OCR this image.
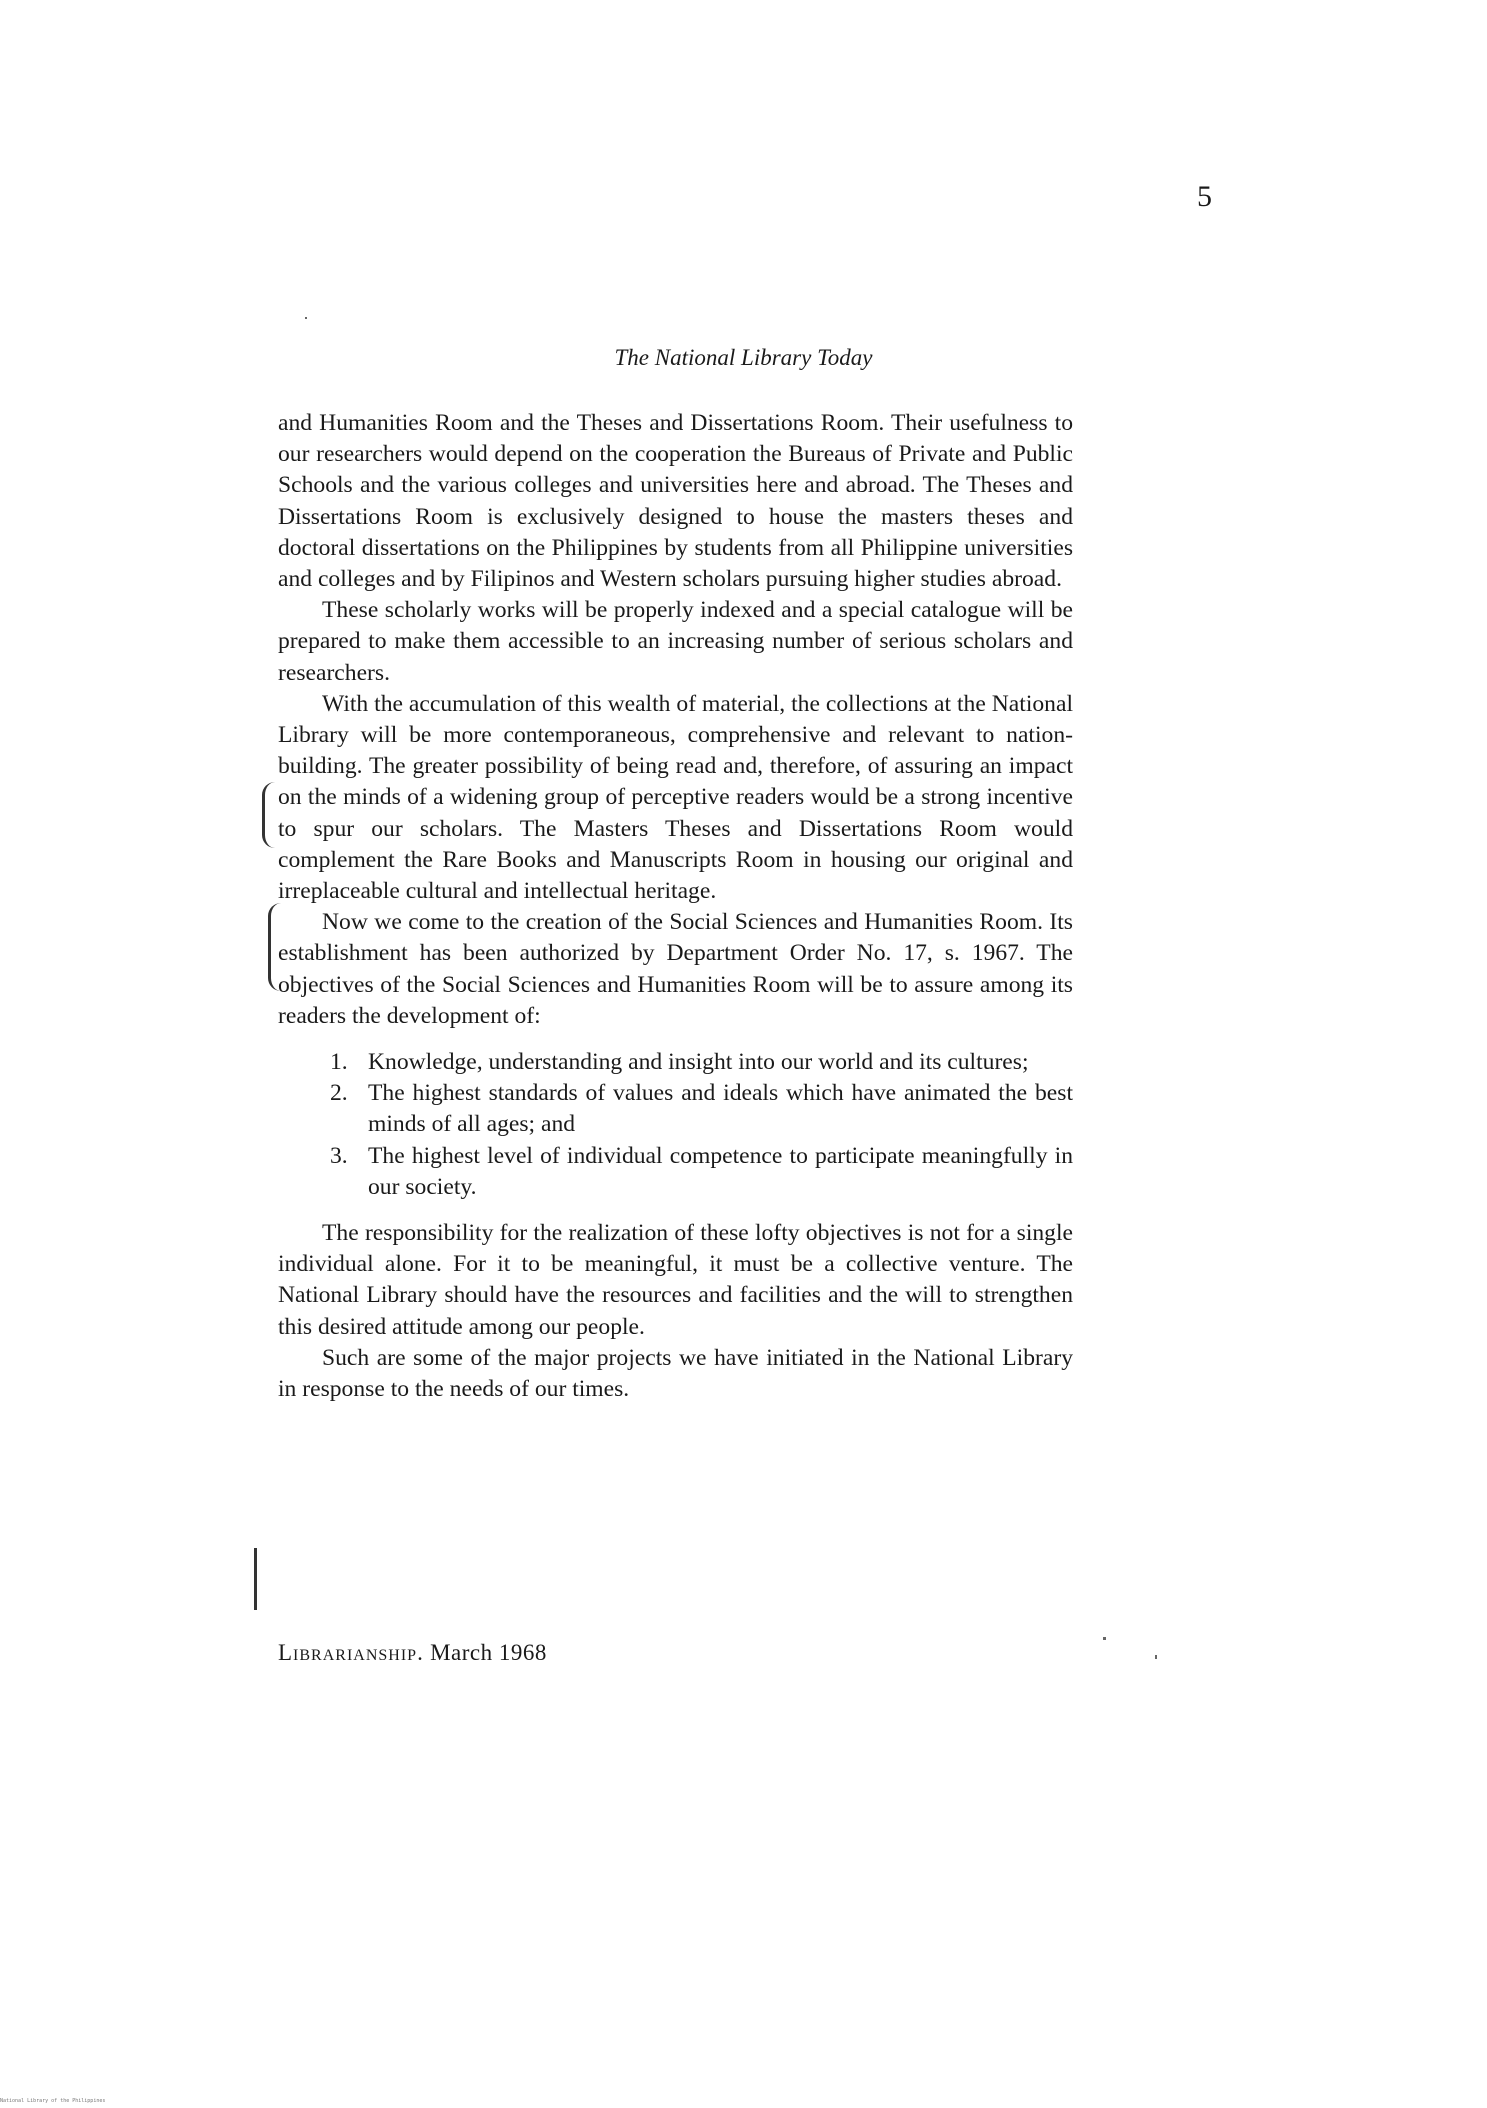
5
The National Library Today

and Humanities Room and the Theses and Dissertations Room. Their usefulness to our researchers would depend on the cooperation the Bureaus of Private and Public Schools and the various colleges and universities here and abroad. The Theses and Dissertations Room is exclusively designed to house the masters theses and doctoral dissertations on the Philippines by students from all Philippine universities and colleges and by Filipinos and Western scholars pursuing higher studies abroad.

These scholarly works will be properly indexed and a special catalogue will be prepared to make them accessible to an increasing number of serious scholars and researchers.

With the accumulation of this wealth of material, the collections at the National Library will be more contemporaneous, comprehensive and relevant to nation-building. The greater possibility of being read and, therefore, of assuring an impact on the minds of a widening group of perceptive readers would be a strong incentive to spur our scholars. The Masters Theses and Dissertations Room would complement the Rare Books and Manuscripts Room in housing our original and irreplaceable cultural and intellectual heritage.

Now we come to the creation of the Social Sciences and Humanities Room. Its establishment has been authorized by Department Order No. 17, s. 1967. The objectives of the Social Sciences and Humanities Room will be to assure among its readers the development of:

1. Knowledge, understanding and insight into our world and its cultures;
2. The highest standards of values and ideals which have animated the best minds of all ages; and
3. The highest level of individual competence to participate meaningfully in our society.

The responsibility for the realization of these lofty objectives is not for a single individual alone. For it to be meaningful, it must be a collective venture. The National Library should have the resources and facilities and the will to strengthen this desired attitude among our people.

Such are some of the major projects we have initiated in the National Library in response to the needs of our times.

Librarianship. March 1968
National Library of the Philippines
